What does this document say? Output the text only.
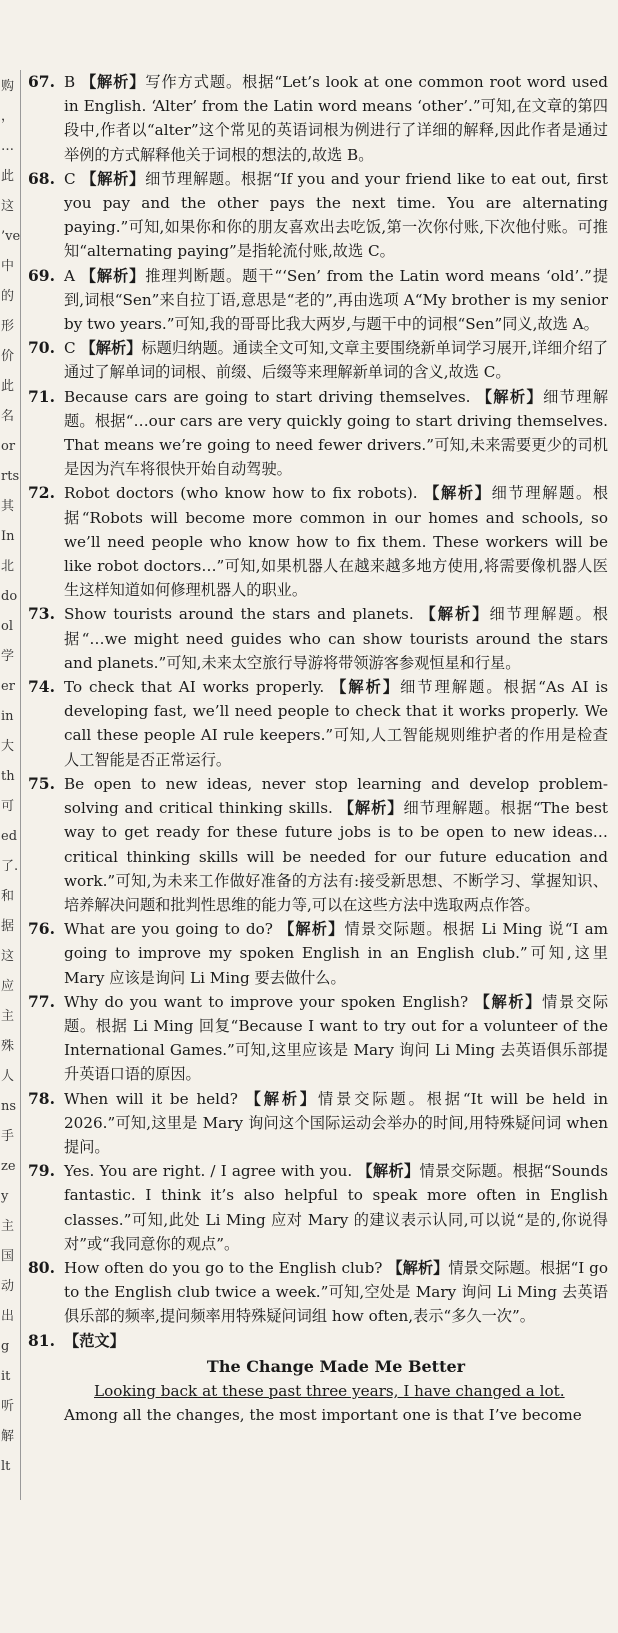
购
，
…
此
这
’ve
中
的
形
价
此
名
or
rts
其
In
北
do
ol
学
er
in
大
th
可
ed
了.
和
据
这
应
主
殊
人
ns
手
ze
y
主
国
动
出
g
it
听
解
lt
67. B 【解析】写作方式题。根据“Let’s look at one common root word used in English. ‘Alter’ from the Latin word means ‘other’.”可知,在文章的第四段中,作者以“alter”这个常见的英语词根为例进行了详细的解释,因此作者是通过举例的方式解释他关于词根的想法的,故选 B。
68. C 【解析】细节理解题。根据“If you and your friend like to eat out, first you pay and the other pays the next time. You are alternating paying.”可知,如果你和你的朋友喜欢出去吃饭,第一次你付账,下次他付账。可推知“alternating paying”是指轮流付账,故选 C。
69. A 【解析】推理判断题。题干“‘Sen’ from the Latin word means ‘old’.”提到,词根“Sen”来自拉丁语,意思是“老的”,再由选项 A“My brother is my senior by two years.”可知,我的哥哥比我大两岁,与题干中的词根“Sen”同义,故选 A。
70. C 【解析】标题归纳题。通读全文可知,文章主要围绕新单词学习展开,详细介绍了通过了解单词的词根、前缀、后缀等来理解新单词的含义,故选 C。
71. Because cars are going to start driving themselves. 【解析】细节理解题。根据“…our cars are very quickly going to start driving themselves. That means we’re going to need fewer drivers.”可知,未来需要更少的司机是因为汽车将很快开始自动驾驶。
72. Robot doctors (who know how to fix robots). 【解析】细节理解题。根据“Robots will become more common in our homes and schools, so we’ll need people who know how to fix them. These workers will be like robot doctors…”可知,如果机器人在越来越多地方使用,将需要像机器人医生这样知道如何修理机器人的职业。
73. Show tourists around the stars and planets. 【解析】细节理解题。根据“…we might need guides who can show tourists around the stars and planets.”可知,未来太空旅行导游将带领游客参观恒星和行星。
74. To check that AI works properly. 【解析】细节理解题。根据“As AI is developing fast, we’ll need people to check that it works properly. We call these people AI rule keepers.”可知,人工智能规则维护者的作用是检查人工智能是否正常运行。
75. Be open to new ideas, never stop learning and develop problem-solving and critical thinking skills. 【解析】细节理解题。根据“The best way to get ready for these future jobs is to be open to new ideas… critical thinking skills will be needed for our future education and work.”可知,为未来工作做好准备的方法有:接受新思想、不断学习、掌握知识、培养解决问题和批判性思维的能力等,可以在这些方法中选取两点作答。
76. What are you going to do? 【解析】情景交际题。根据 Li Ming 说“I am going to improve my spoken English in an English club.”可知,这里 Mary 应该是询问 Li Ming 要去做什么。
77. Why do you want to improve your spoken English? 【解析】情景交际题。根据 Li Ming 回复“Because I want to try out for a volunteer of the International Games.”可知,这里应该是 Mary 询问 Li Ming 去英语俱乐部提升英语口语的原因。
78. When will it be held? 【解析】情景交际题。根据“It will be held in 2026.”可知,这里是 Mary 询问这个国际运动会举办的时间,用特殊疑问词 when 提问。
79. Yes. You are right. / I agree with you. 【解析】情景交际题。根据“Sounds fantastic. I think it’s also helpful to speak more often in English classes.”可知,此处 Li Ming 应对 Mary 的建议表示认同,可以说“是的,你说得对”或“我同意你的观点”。
80. How often do you go to the English club? 【解析】情景交际题。根据“I go to the English club twice a week.”可知,空处是 Mary 询问 Li Ming 去英语俱乐部的频率,提问频率用特殊疑问词组 how often,表示“多久一次”。
81. 【范文】
The Change Made Me Better
Looking back at these past three years, I have changed a lot.
Among all the changes, the most important one is that I’ve become
